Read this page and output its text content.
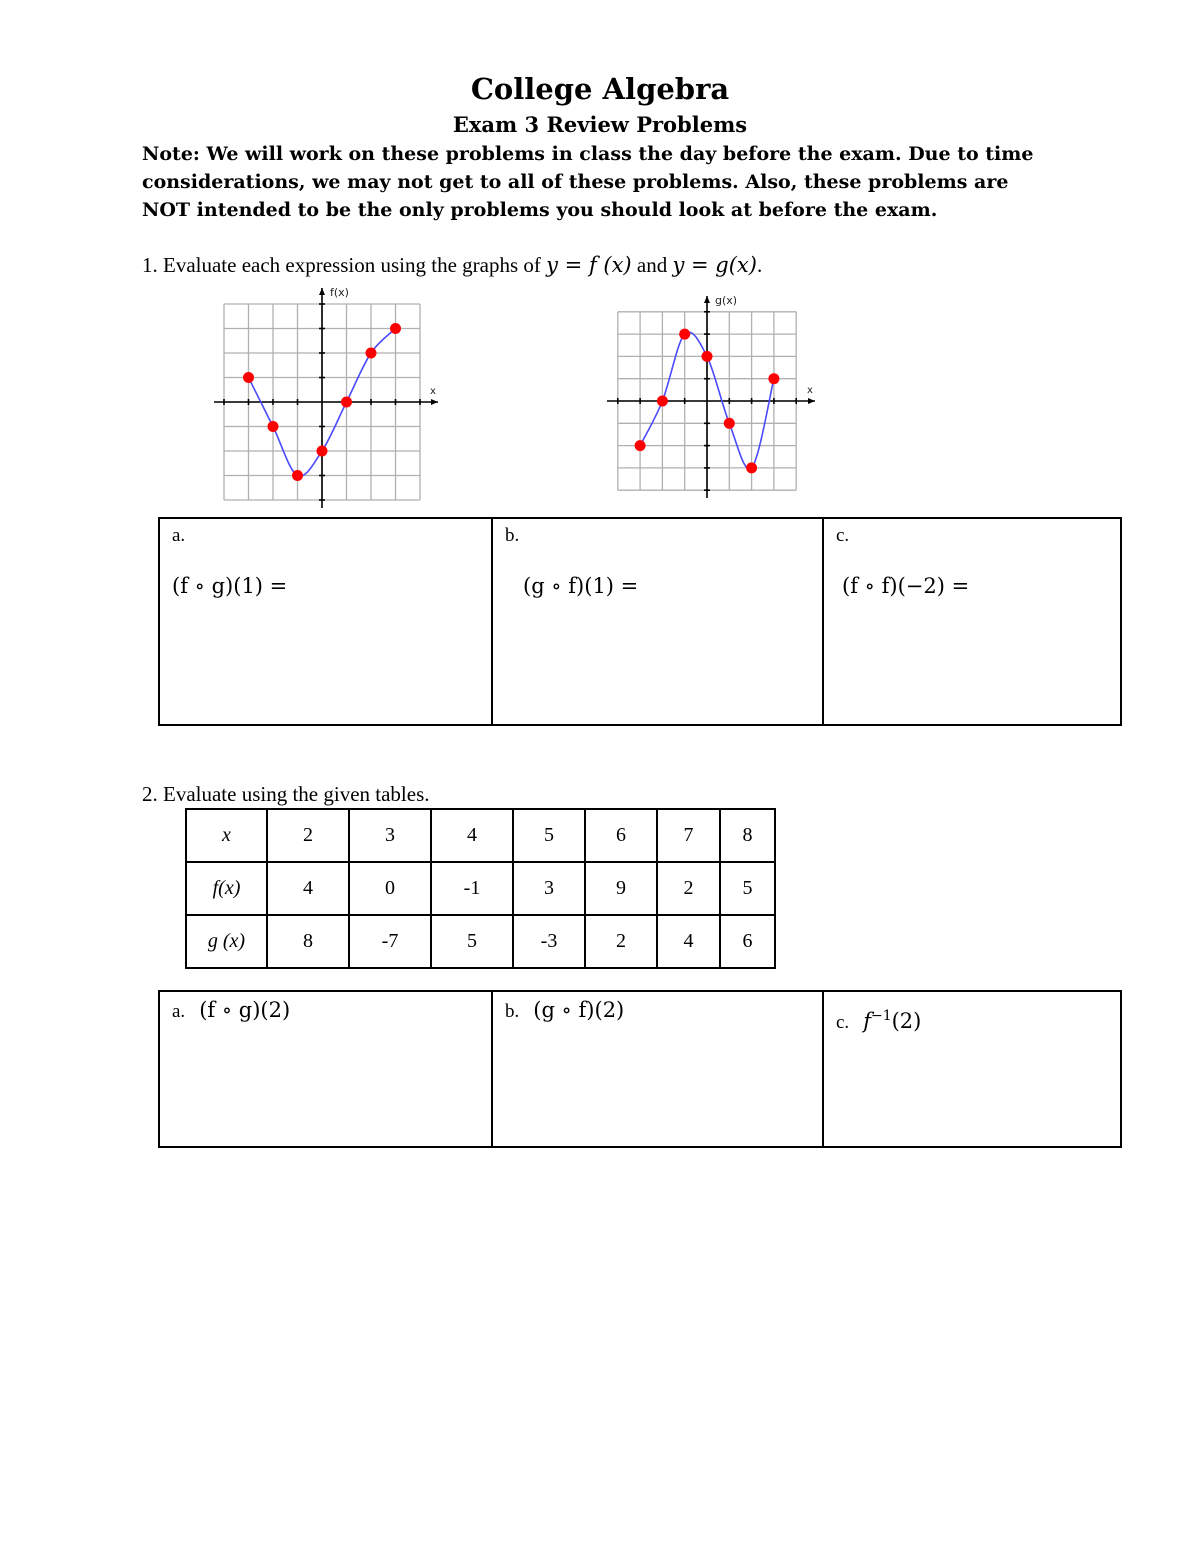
College Algebra
Exam 3 Review Problems
Note: We will work on these problems in class the day before the exam. Due to time considerations, we may not get to all of these problems. Also, these problems are NOT intended to be the only problems you should look at before the exam.
1. Evaluate each expression using the graphs of y = f (x) and y = g(x).
f(x)
x
g(x)
x
a.
(f ∘ g)(1) =

b.
(g ∘ f)(1) =

c.
(f ∘ f)(−2) =
2. Evaluate using the given tables.
x	2	3	4	5	6	7	8
f(x)	4	0	-1	3	9	2	5
g (x)	8	-7	5	-3	2	4	6
a. (f ∘ g)(2)	b. (g ∘ f)(2)

c. $f^{-1}(2)$
